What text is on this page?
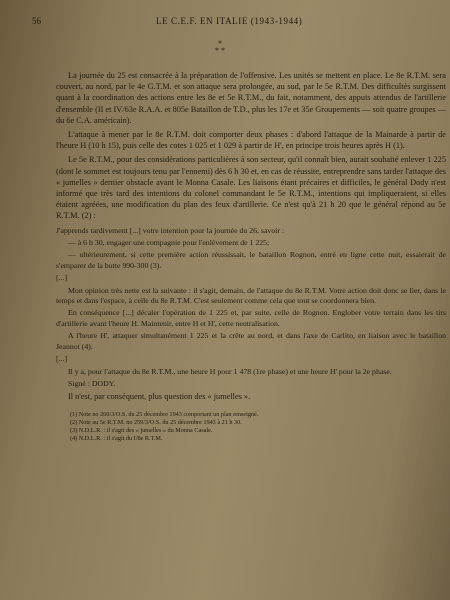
56	LE C.E.F. EN ITALIE (1943-1944)
*
* *

La journée du 25 est consacrée à la préparation de l'offensive. Les unités se mettent en place. Le 8e R.T.M. sera couvert, au nord, par le 4e G.T.M. et son attaque sera prolongée, au sud, par le 5e R.T.M. Des difficultés surgissent quant à la coordination des actions entre les 8e et 5e R.T.M., du fait, notamment, des appuis attendus de l'artillerie d'ensemble (II et IV/63e R.A.A. et 805e Bataillon de T.D., plus les 17e et 35e Groupements — soit quatre groupes — du 6e C.A. américain).

L'attaque à mener par le 8e R.T.M. doit comporter deux phases : d'abord l'attaque de la Mainarde à partir de l'heure H (10 h 15), puis celle des cotes 1 025 et 1 029 à partir de H', en principe trois heures après H (1).

Le 5e R.T.M., pour des considérations particulières à son secteur, qu'il connaît bien, aurait souhaité enlever 1 225 (dont le sommet est toujours tenu par l'ennemi) dès 6 h 30 et, en cas de réussite, entreprendre sans tarder l'attaque des « jumelles » dernier obstacle avant le Monna Casale. Les liaisons étant précaires et difficiles, le général Dody n'est informé que très tard des intentions du colonel commandant le 5e R.T.M., intentions qui impliqueraient, si elles étaient agréées, une modification du plan des feux d'artillerie. Ce n'est qu'à 21 h 20 que le général répond au 5e R.T.M. (2) :

J'apprends tardivement [...] votre intention pour la journée du 26, savoir :

— à 6 h 30, engager une compagnie pour l'enlèvement de 1 225;

— ultérieurement, si cette première action réussissait, le bataillon Rognon, entré en ligne cette nuit, essaierait de s'emparer de la butte 990-300 (3).

[...]

Mon opinion très nette est la suivante : il s'agit, demain, de l'attaque du 8e R.T.M. Votre action doit donc se lier, dans le temps et dans l'espace, à celle du 8e R.T.M. C'est seulement comme cela que tout se coordonnera bien.

En conséquence [...] décaler l'opération de 1 225 et, par suite, celle de Rognon. Englober votre terrain dans les tirs d'artillerie avant l'heure H. Maintenir, entre H et H', cette neutralisation.

A l'heure H', attaquer simultanément 1 225 et la crête au nord, et dans l'axe de Carlito, en liaison avec le bataillon Jeannot (4).

[...]

Il y a, pour l'attaque du 8e R.T.M., une heure H pour 1 478 (1re phase) et une heure H' pour la 2e phase.

Signé : DODY.

Il n'est, par conséquent, plus question des « jumelles ».

(1) Note no 260/3/O.S. du 25 décembre 1943 comportant un plan renseigné.
(2) Note au 5e R.T.M. no 259/3/O.S. du 25 décembre 1943 à 21 h 30.
(3) N.D.L.R. : il s'agit des « jumelles » du Monna Casale.
(4) N.D.L.R. : il s'agit du I/8e R.T.M.
